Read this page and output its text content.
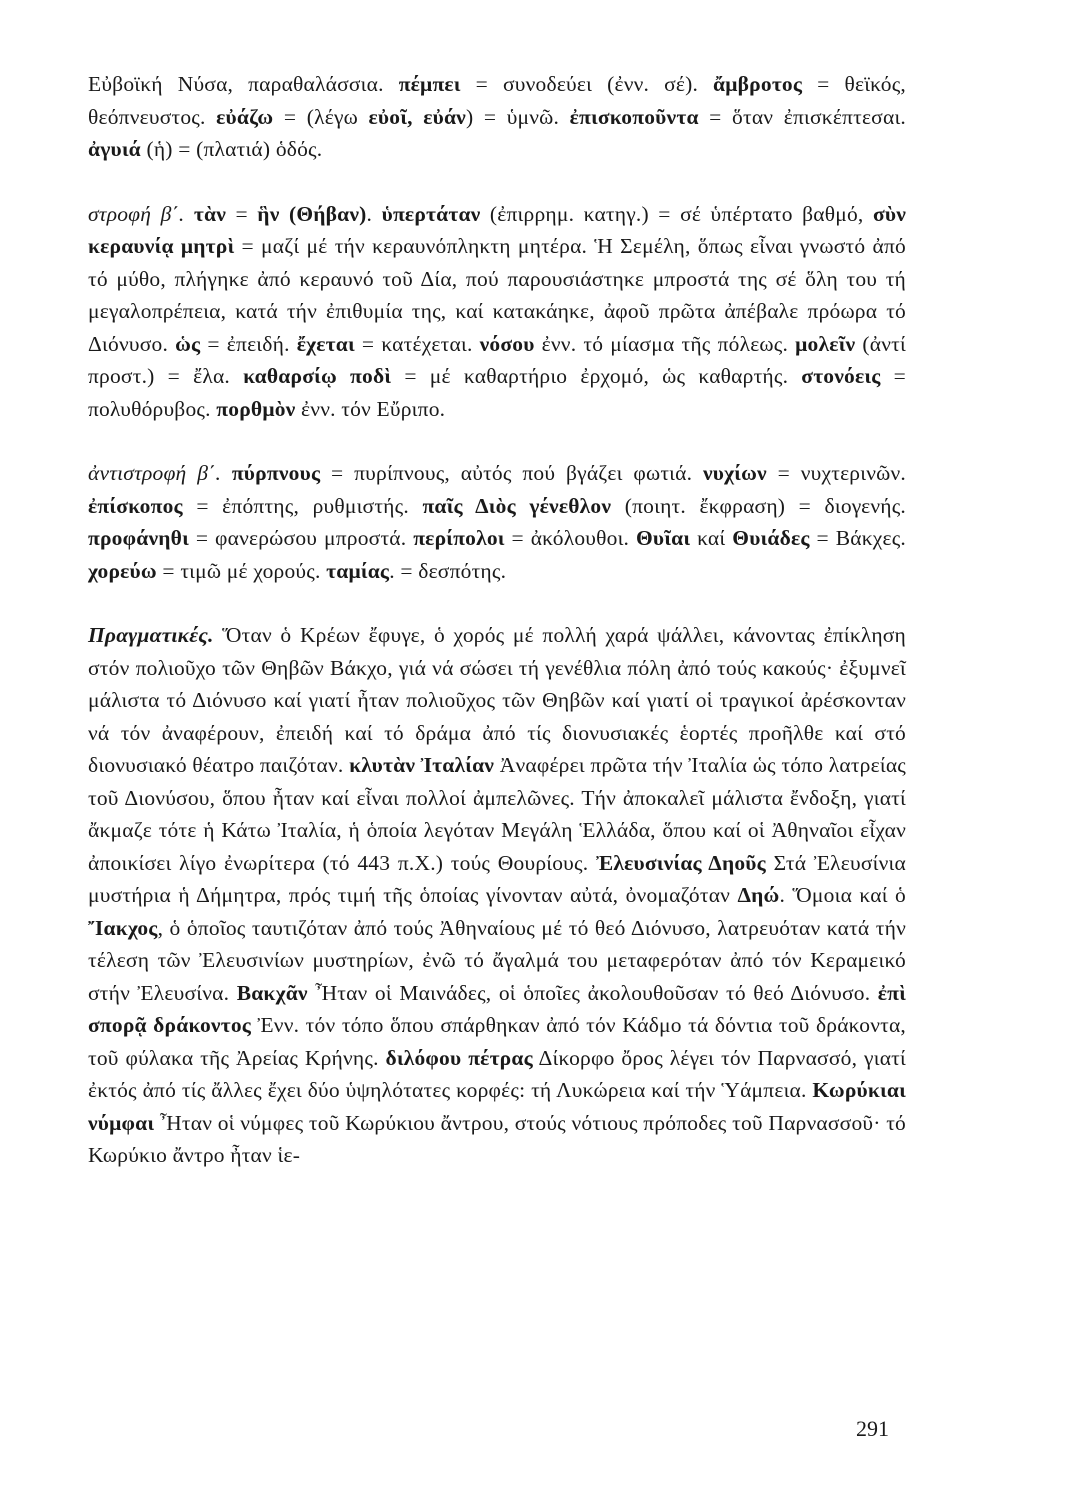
Εὐβοϊκή Νύσα, παραθαλάσσια. πέμπει = συνοδεύει (ἐνν. σέ). ἄμβροτος = θεϊκός, θεόπνευστος. εὐάζω = (λέγω εὐοῖ, εὐάν) = ὑμνῶ. ἐπισκοποῦντα = ὅταν ἐπισκέπτεσαι. ἀγυιά (ἡ) = (πλατιά) ὁδός.

στροφή β΄. τὰν = ἣν (Θήβαν). ὑπερτάταν (ἐπιρρημ. κατηγ.) = σέ ὑπέρτατο βαθμό, σὺν κεραυνίᾳ μητρὶ = μαζί μέ τήν κεραυνόπληκτη μητέρα. Ἡ Σεμέλη, ὅπως εἶναι γνωστό ἀπό τό μύθο, πλήγηκε ἀπό κεραυνό τοῦ Δία, πού παρουσιάστηκε μπροστά της σέ ὅλη του τή μεγαλοπρέπεια, κατά τήν ἐπιθυμία της, καί κατακάηκε, ἀφοῦ πρῶτα ἀπέβαλε πρόωρα τό Διόνυσο. ὡς = ἐπειδή. ἔχεται = κατέχεται. νόσου ἐνν. τό μίασμα τῆς πόλεως. μολεῖν (ἀντί προστ.) = ἔλα. καθαρσίῳ ποδὶ = μέ καθαρτήριο ἐρχομό, ὡς καθαρτής. στονόεις = πολυθόρυβος. πορθμὸν ἐνν. τόν Εὔριπο.

ἀντιστροφή β΄. πύρπνους = πυρίπνους, αὐτός πού βγάζει φωτιά. νυχίων = νυχτερινῶν. ἐπίσκοπος = ἐπόπτης, ρυθμιστής. παῖς Διὸς γένεθλον (ποιητ. ἔκφραση) = διογενής. προφάνηθι = φανερώσου μπροστά. περίπολοι = ἀκόλουθοι. Θυῖαι καί Θυιάδες = Βάκχες. χορεύω = τιμῶ μέ χορούς. ταμίας. = δεσπότης.

Πραγματικές. Ὅταν ὁ Κρέων ἔφυγε, ὁ χορός μέ πολλή χαρά ψάλλει, κάνοντας ἐπίκληση στόν πολιοῦχο τῶν Θηβῶν Βάκχο, γιά νά σώσει τή γενέθλια πόλη ἀπό τούς κακούς· ἐξυμνεῖ μάλιστα τό Διόνυσο καί γιατί ἦταν πολιοῦχος τῶν Θηβῶν καί γιατί οἱ τραγικοί ἀρέσκονταν νά τόν ἀναφέρουν, ἐπειδή καί τό δράμα ἀπό τίς διονυσιακές ἑορτές προῆλθε καί στό διονυσιακό θέατρο παιζόταν. κλυτὰν Ἰταλίαν Ἀναφέρει πρῶτα τήν Ἰταλία ὡς τόπο λατρείας τοῦ Διονύσου, ὅπου ἦταν καί εἶναι πολλοί ἀμπελῶνες. Τήν ἀποκαλεῖ μάλιστα ἔνδοξη, γιατί ἄκμαζε τότε ἡ Κάτω Ἰταλία, ἡ ὁποία λεγόταν Μεγάλη Ἑλλάδα, ὅπου καί οἱ Ἀθηναῖοι εἶχαν ἀποικίσει λίγο ἐνωρίτερα (τό 443 π.Χ.) τούς Θουρίους. Ἐλευσινίας Δηοῦς Στά Ἐλευσίνια μυστήρια ἡ Δήμητρα, πρός τιμή τῆς ὁποίας γίνονταν αὐτά, ὀνομαζόταν Δηώ. Ὅμοια καί ὁ Ἴακχος, ὁ ὁποῖος ταυτιζόταν ἀπό τούς Ἀθηναίους μέ τό θεό Διόνυσο, λατρευόταν κατά τήν τέλεση τῶν Ἐλευσινίων μυστηρίων, ἐνῶ τό ἄγαλμά του μεταφερόταν ἀπό τόν Κεραμεικό στήν Ἐλευσίνα. Βακχᾶν Ἦταν οἱ Μαινάδες, οἱ ὁποῖες ἀκολουθοῦσαν τό θεό Διόνυσο. ἐπὶ σπορᾷ δράκοντος Ἐνν. τόν τόπο ὅπου σπάρθηκαν ἀπό τόν Κάδμο τά δόντια τοῦ δράκοντα, τοῦ φύλακα τῆς Ἀρείας Κρήνης. διλόφου πέτρας Δίκορφο ὄρος λέγει τόν Παρνασσό, γιατί ἐκτός ἀπό τίς ἄλλες ἔχει δύο ὑψηλότατες κορφές: τή Λυκώρεια καί τήν Ὑάμπεια. Κωρύκιαι νύμφαι Ἦταν οἱ νύμφες τοῦ Κωρύκιου ἄντρου, στούς νότιους πρόποδες τοῦ Παρνασσοῦ· τό Κωρύκιο ἄντρο ἦταν ἱε-

291
